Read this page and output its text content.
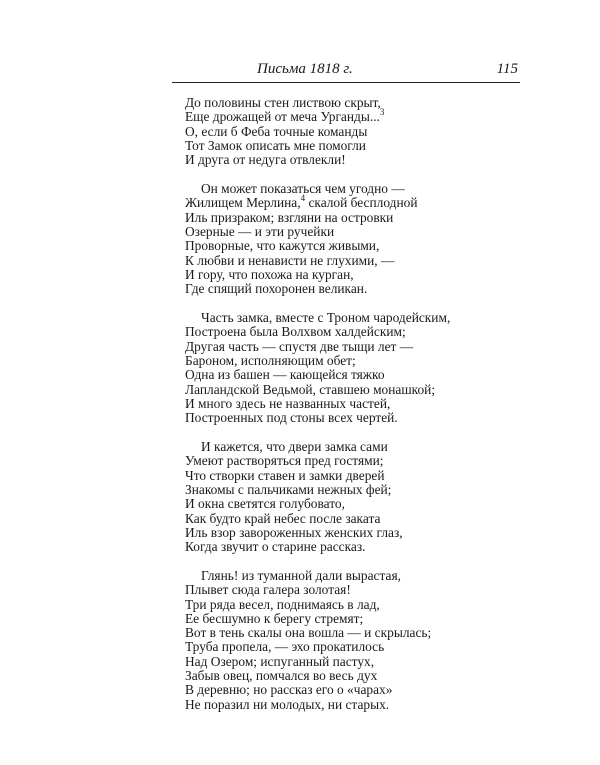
Письма 1818 г.	115
До половины стен листвою скрыт,
Еще дрожащей от меча Урганды...$^3$
О, если б Феба точные команды
Тот Замок описать мне помогли
И друга от недуга отвлекли!
Он может показаться чем угодно —
Жилищем Мерлина,$^4$ скалой бесплодной
Иль призраком; взгляни на островки
Озерные — и эти ручейки
Проворные, что кажутся живыми,
К любви и ненависти не глухими, —
И гору, что похожа на курган,
Где спящий похоронен великан.
Часть замка, вместе с Троном чародейским,
Построена была Волхвом халдейским;
Другая часть — спустя две тыщи лет —
Бароном, исполняющим обет;
Одна из башен — кающейся тяжко
Лапландской Ведьмой, ставшею монашкой;
И много здесь не названных частей,
Построенных под стоны всех чертей.
И кажется, что двери замка сами
Умеют растворяться пред гостями;
Что створки ставен и замки дверей
Знакомы с пальчиками нежных фей;
И окна светятся голубовато,
Как будто край небес после заката
Иль взор завороженных женских глаз,
Когда звучит о старине рассказ.
Глянь! из туманной дали вырастая,
Плывет сюда галера золотая!
Три ряда весел, поднимаясь в лад,
Ее бесшумно к берегу стремят;
Вот в тень скалы она вошла — и скрылась;
Труба пропела, — эхо прокатилось
Над Озером; испуганный пастух,
Забыв овец, помчался во весь дух
В деревню; но рассказ его о «чарах»
Не поразил ни молодых, ни старых.
